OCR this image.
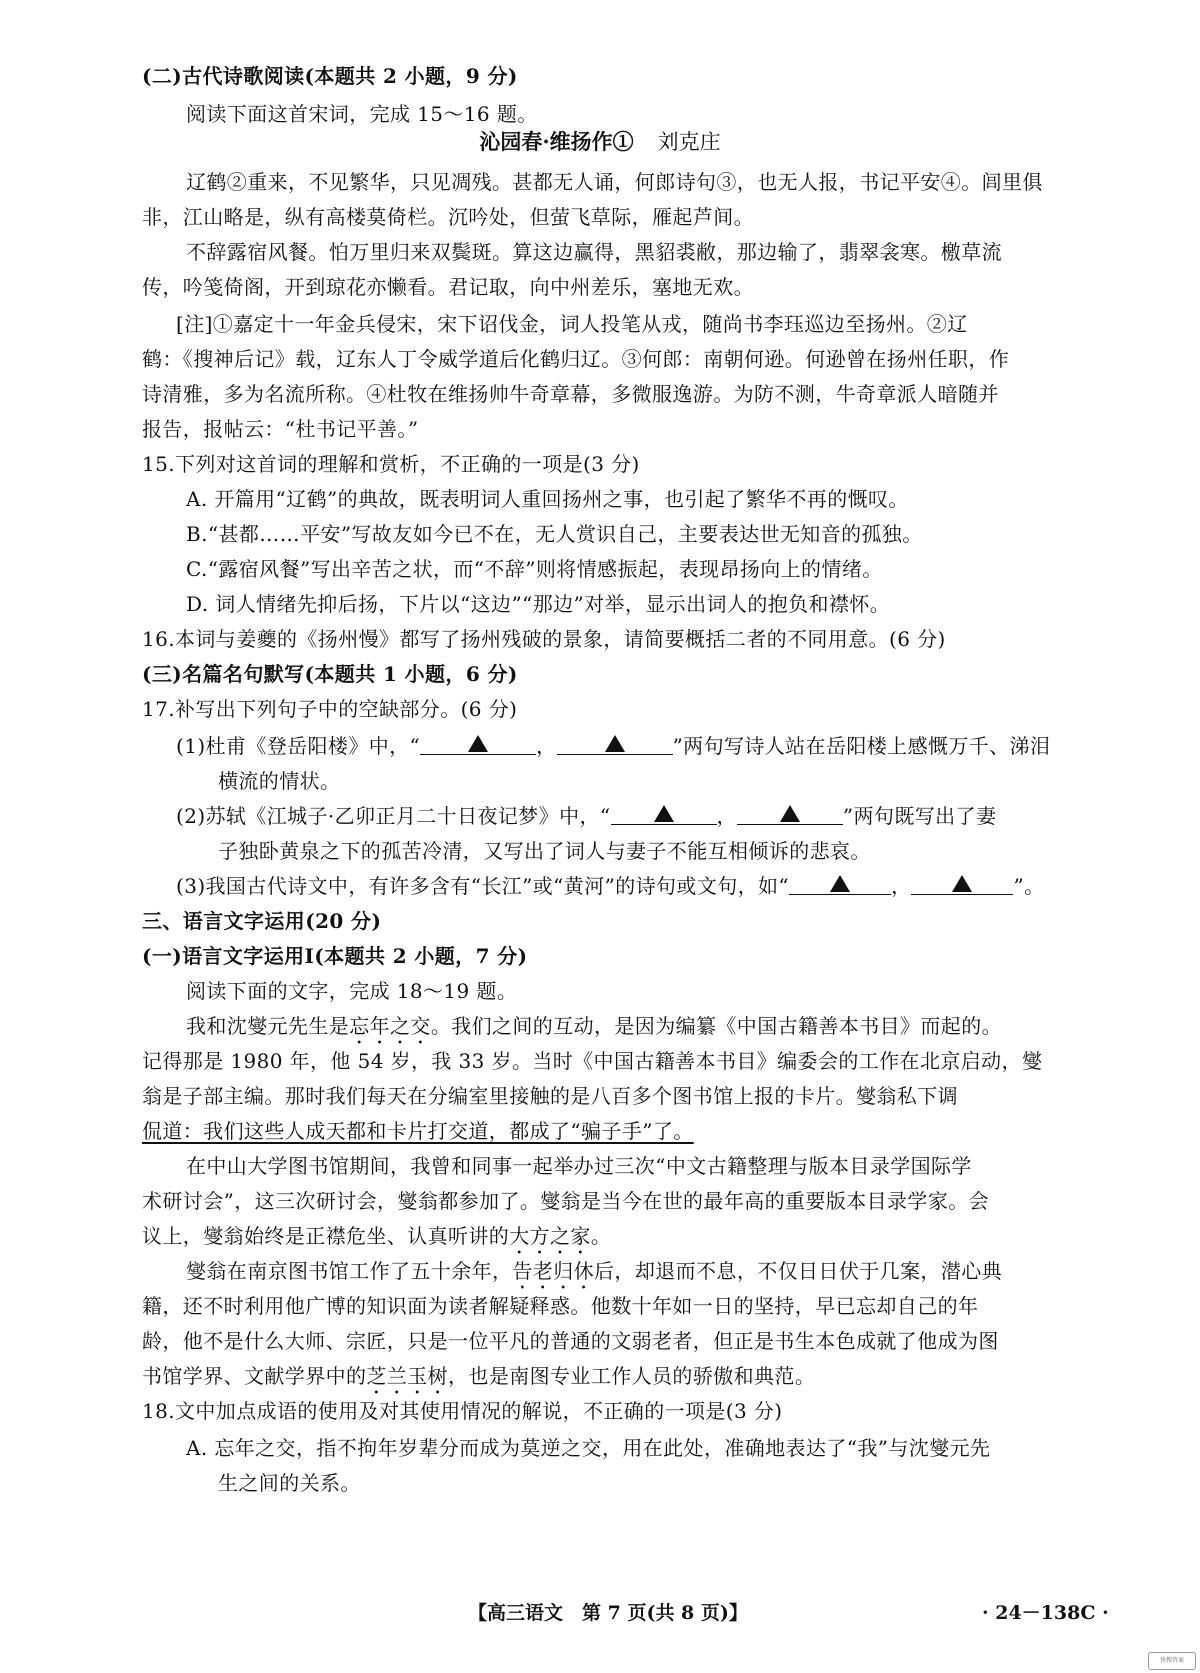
(二)古代诗歌阅读(本题共 2 小题，9 分)
阅读下面这首宋词，完成 15～16 题。
沁园春·维扬作① 刘克庄
辽鹤②重来，不见繁华，只见凋残。甚都无人诵，何郎诗句③，也无人报，书记平安④。闾里俱
非，江山略是，纵有高楼莫倚栏。沉吟处，但萤飞草际，雁起芦间。
不辞露宿风餐。怕万里归来双鬓斑。算这边赢得，黑貂裘敝，那边输了，翡翠衾寒。檄草流
传，吟笺倚阁，开到琼花亦懒看。君记取，向中州差乐，塞地无欢。
[注]①嘉定十一年金兵侵宋，宋下诏伐金，词人投笔从戎，随尚书李珏巡边至扬州。②辽
鹤：《搜神后记》载，辽东人丁令威学道后化鹤归辽。③何郎：南朝何逊。何逊曾在扬州任职，作
诗清雅，多为名流所称。④杜牧在维扬帅牛奇章幕，多微服逸游。为防不测，牛奇章派人暗随并
报告，报帖云：“杜书记平善。”
15.下列对这首词的理解和赏析，不正确的一项是(3 分)
A. 开篇用“辽鹤”的典故，既表明词人重回扬州之事，也引起了繁华不再的慨叹。
B.“甚都……平安”写故友如今已不在，无人赏识自己，主要表达世无知音的孤独。
C.“露宿风餐”写出辛苦之状，而“不辞”则将情感振起，表现昂扬向上的情绪。
D. 词人情绪先抑后扬，下片以“这边”“那边”对举，显示出词人的抱负和襟怀。
16.本词与姜夔的《扬州慢》都写了扬州残破的景象，请简要概括二者的不同用意。(6 分)
(三)名篇名句默写(本题共 1 小题，6 分)
17.补写出下列句子中的空缺部分。(6 分)
(1)杜甫《登岳阳楼》中，“	，	”两句写诗人站在岳阳楼上感慨万千、涕泪
横流的情状。
(2)苏轼《江城子·乙卯正月二十日夜记梦》中，“	，	”两句既写出了妻
子独卧黄泉之下的孤苦冷清，又写出了词人与妻子不能互相倾诉的悲哀。
(3)我国古代诗文中，有许多含有“长江”或“黄河”的诗句或文句，如“	，	”。
三、语言文字运用(20 分)
(一)语言文字运用Ⅰ(本题共 2 小题，7 分)
阅读下面的文字，完成 18～19 题。
我和沈燮元先生是忘年之交。我们之间的互动，是因为编纂《中国古籍善本书目》而起的。
记得那是 1980 年，他 54 岁，我 33 岁。当时《中国古籍善本书目》编委会的工作在北京启动，燮
翁是子部主编。那时我们每天在分编室里接触的是八百多个图书馆上报的卡片。燮翁私下调
侃道：我们这些人成天都和卡片打交道，都成了“骗子手”了。
在中山大学图书馆期间，我曾和同事一起举办过三次“中文古籍整理与版本目录学国际学
术研讨会”，这三次研讨会，燮翁都参加了。燮翁是当今在世的最年高的重要版本目录学家。会
议上，燮翁始终是正襟危坐、认真听讲的大方之家。
燮翁在南京图书馆工作了五十余年，告老归休后，却退而不息，不仅日日伏于几案，潜心典
籍，还不时利用他广博的知识面为读者解疑释惑。他数十年如一日的坚持，早已忘却自己的年
龄，他不是什么大师、宗匠，只是一位平凡的普通的文弱老者，但正是书生本色成就了他成为图
书馆学界、文献学界中的芝兰玉树，也是南图专业工作人员的骄傲和典范。
18.文中加点成语的使用及对其使用情况的解说，不正确的一项是(3 分)
A. 忘年之交，指不拘年岁辈分而成为莫逆之交，用在此处，准确地表达了“我”与沈燮元先
生之间的关系。
【高三语文　第 7 页(共 8 页)】	· 24－138C ·
快搜答案
